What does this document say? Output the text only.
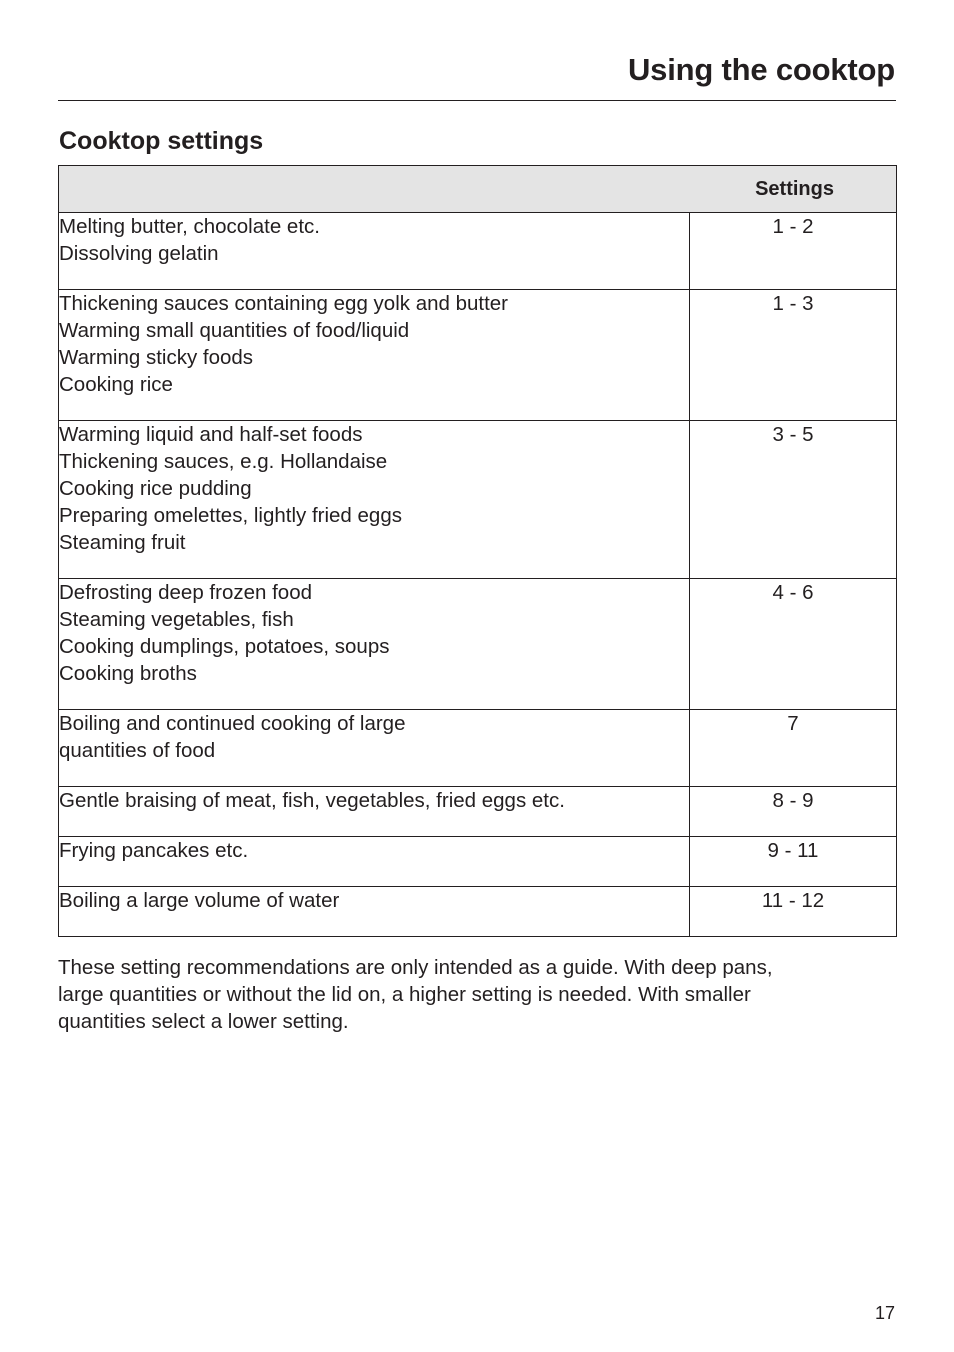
Using the cooktop
Cooktop settings
Settings	

Melting butter, chocolate etc.
Dissolving gelatin	1 - 2

Thickening sauces containing egg yolk and butter
Warming small quantities of food/liquid
Warming sticky foods
Cooking rice	1 - 3

Warming liquid and half-set foods
Thickening sauces, e.g. Hollandaise
Cooking rice pudding
Preparing omelettes, lightly fried eggs
Steaming fruit	3 - 5

Defrosting deep frozen food
Steaming vegetables, fish
Cooking dumplings, potatoes, soups
Cooking broths	4 - 6

Boiling and continued cooking of large
quantities of food	7

Gentle braising of meat, fish, vegetables, fried eggs etc.	8 - 9

Frying pancakes etc.	9 - 11

Boiling a large volume of water	11 - 12

These setting recommendations are only intended as a guide. With deep pans,
large quantities or without the lid on, a higher setting is needed. With smaller
quantities select a lower setting.

17
